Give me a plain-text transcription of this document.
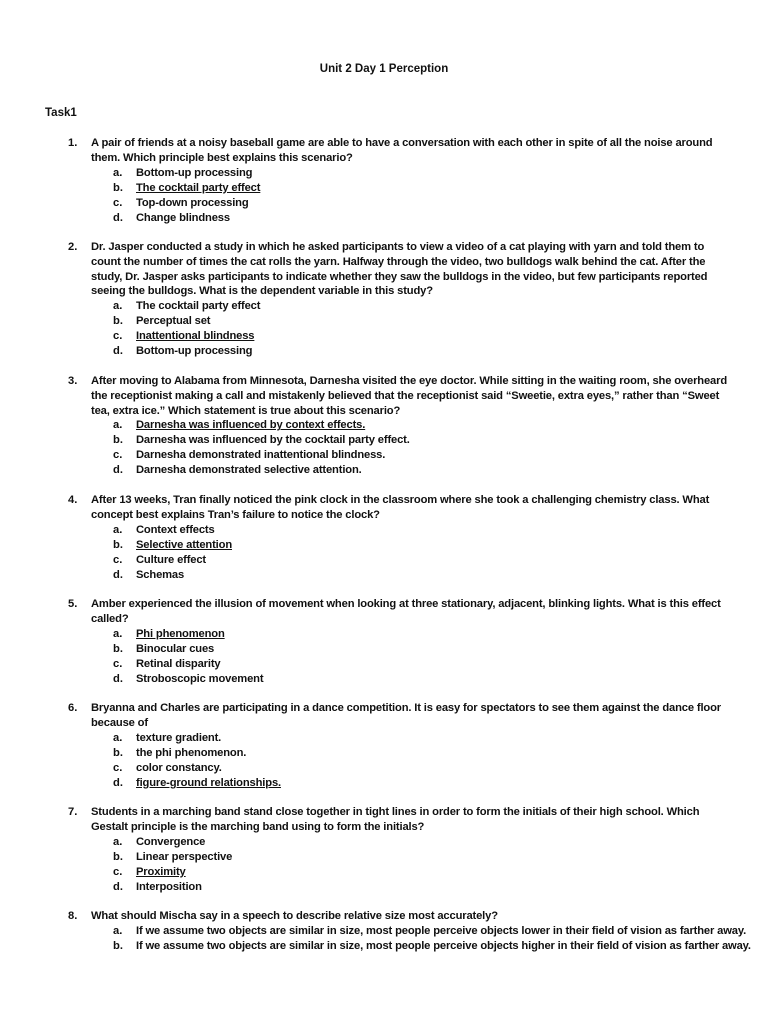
Unit 2 Day 1 Perception
Task1
1. A pair of friends at a noisy baseball game are able to have a conversation with each other in spite of all the noise around them. Which principle best explains this scenario?
a. Bottom-up processing
b. The cocktail party effect
c. Top-down processing
d. Change blindness
2. Dr. Jasper conducted a study in which he asked participants to view a video of a cat playing with yarn and told them to count the number of times the cat rolls the yarn. Halfway through the video, two bulldogs walk behind the cat. After the study, Dr. Jasper asks participants to indicate whether they saw the bulldogs in the video, but few participants reported seeing the bulldogs. What is the dependent variable in this study?
a. The cocktail party effect
b. Perceptual set
c. Inattentional blindness
d. Bottom-up processing
3. After moving to Alabama from Minnesota, Darnesha visited the eye doctor. While sitting in the waiting room, she overheard the receptionist making a call and mistakenly believed that the receptionist said “Sweetie, extra eyes,” rather than “Sweet tea, extra ice.” Which statement is true about this scenario?
a. Darnesha was influenced by context effects.
b. Darnesha was influenced by the cocktail party effect.
c. Darnesha demonstrated inattentional blindness.
d. Darnesha demonstrated selective attention.
4. After 13 weeks, Tran finally noticed the pink clock in the classroom where she took a challenging chemistry class. What concept best explains Tran’s failure to notice the clock?
a. Context effects
b. Selective attention
c. Culture effect
d. Schemas
5. Amber experienced the illusion of movement when looking at three stationary, adjacent, blinking lights. What is this effect called?
a. Phi phenomenon
b. Binocular cues
c. Retinal disparity
d. Stroboscopic movement
6. Bryanna and Charles are participating in a dance competition. It is easy for spectators to see them against the dance floor because of
a. texture gradient.
b. the phi phenomenon.
c. color constancy.
d. figure-ground relationships.
7. Students in a marching band stand close together in tight lines in order to form the initials of their high school. Which Gestalt principle is the marching band using to form the initials?
a. Convergence
b. Linear perspective
c. Proximity
d. Interposition
8. What should Mischa say in a speech to describe relative size most accurately?
a. If we assume two objects are similar in size, most people perceive objects lower in their field of vision as farther away.
b. If we assume two objects are similar in size, most people perceive objects higher in their field of vision as farther away.
